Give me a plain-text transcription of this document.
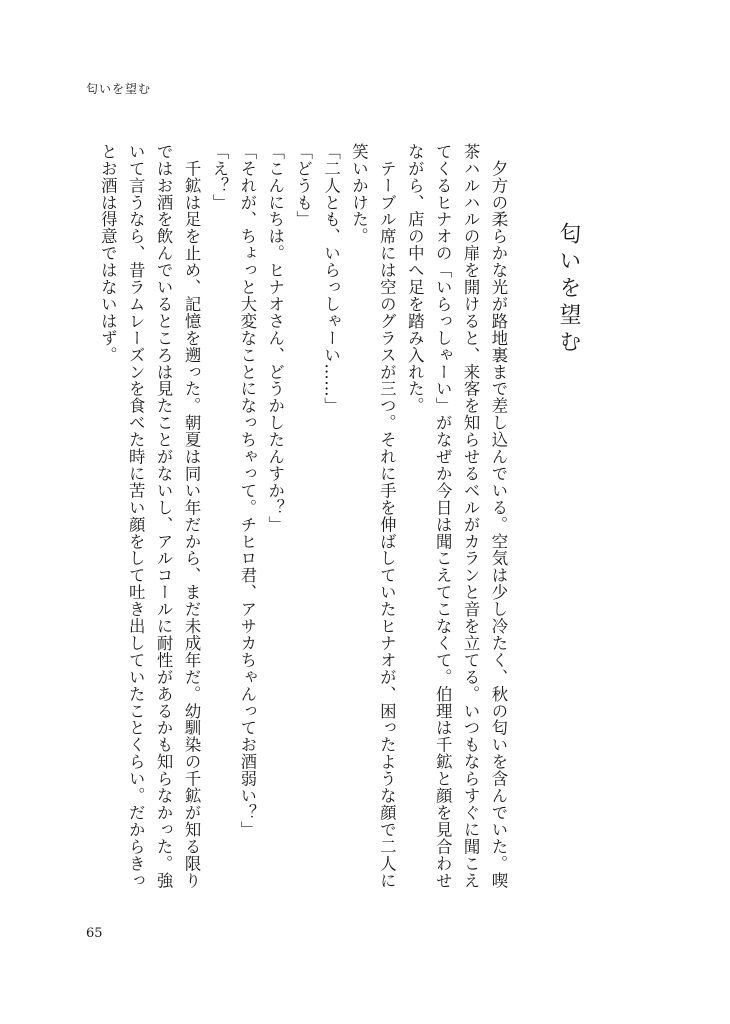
匂いを望む
匂いを望む
　夕方の柔らかな光が路地裏まで差し込んでいる。空気は少し冷たく、秋の匂いを含んでいた。喫
茶ハルハルの扉を開けると、来客を知らせるベルがカランと音を立てる。いつもならすぐに聞こえ
てくるヒナオの「いらっしゃーい」がなぜか今日は聞こえてこなくて。伯理は千鉱と顔を見合わせ
ながら、店の中へ足を踏み入れた。
　テーブル席には空のグラスが三つ。それに手を伸ばしていたヒナオが、困ったような顔で二人に
笑いかけた。
「二人とも、いらっしゃーい……」
「どうも」
「こんにちは。ヒナオさん、どうかしたんすか？」
「それが、ちょっと大変なことになっちゃって。チヒロ君、アサカちゃんってお酒弱い？」
「え？」
　千鉱は足を止め、記憶を遡った。朝夏は同い年だから、まだ未成年だ。幼馴染の千鉱が知る限り
ではお酒を飲んでいるところは見たことがないし、アルコールに耐性があるかも知らなかった。強
いて言うなら、昔ラムレーズンを食べた時に苦い顔をして吐き出していたことくらい。だからきっ
とお酒は得意ではないはず。
65
